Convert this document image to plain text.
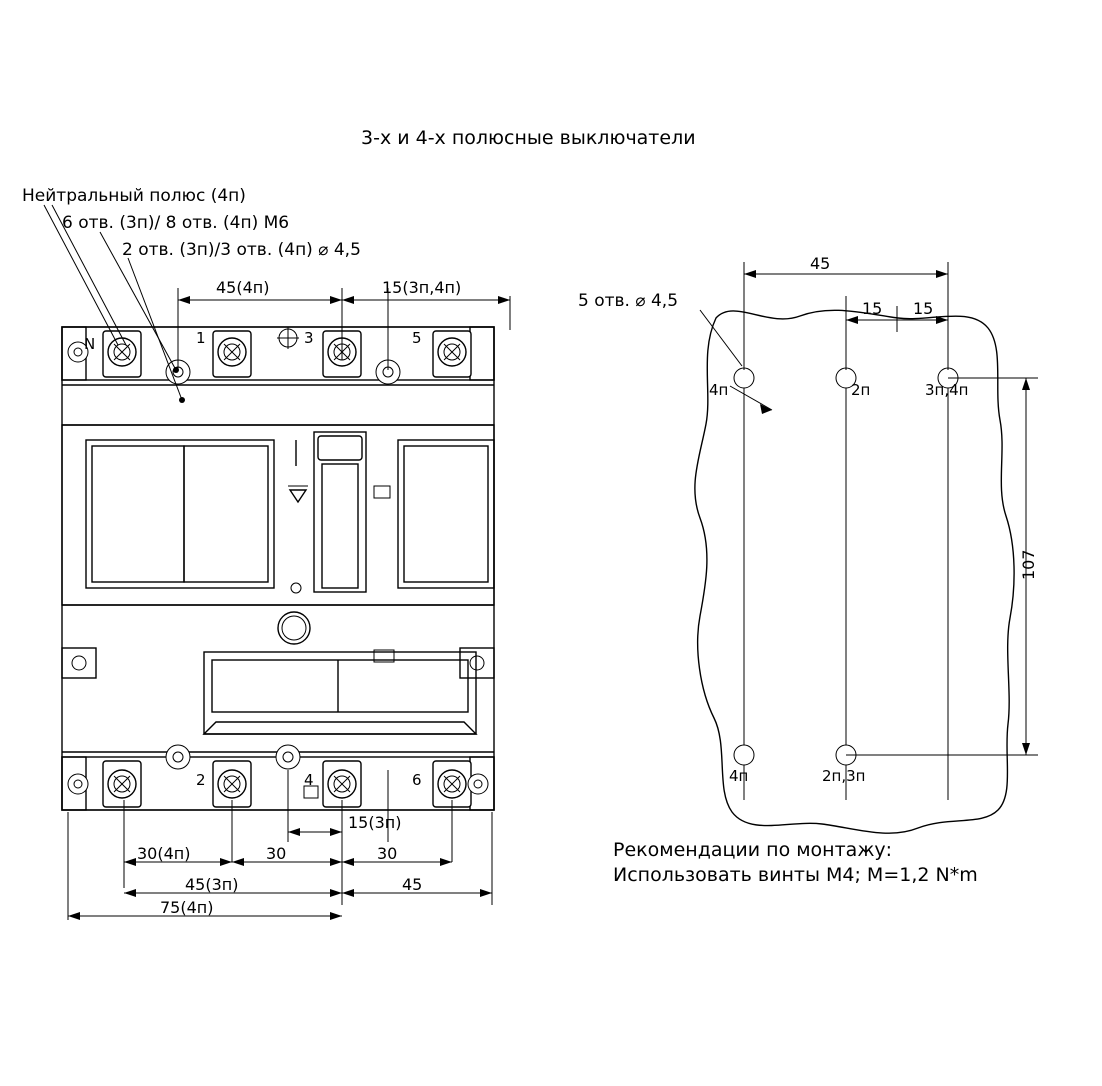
3-х и 4-х полюсные выключатели
Нейтральный полюс (4п)
6 отв. (3п)/ 8 отв. (4п) М6
2 отв. (3п)/3 отв. (4п) ⌀ 4,5
45(4п)	15(3п,4п)
N	1	3	5
2	4	6
15(3п)
30(4п)	30	30
45(3п)	45
75(4п)
5 отв. ⌀ 4,5
45
15 15
107
4п	2п	3п,4п
4п	2п,3п
Рекомендации по монтажу:
Использовать винты М4; M=1,2 N*m
